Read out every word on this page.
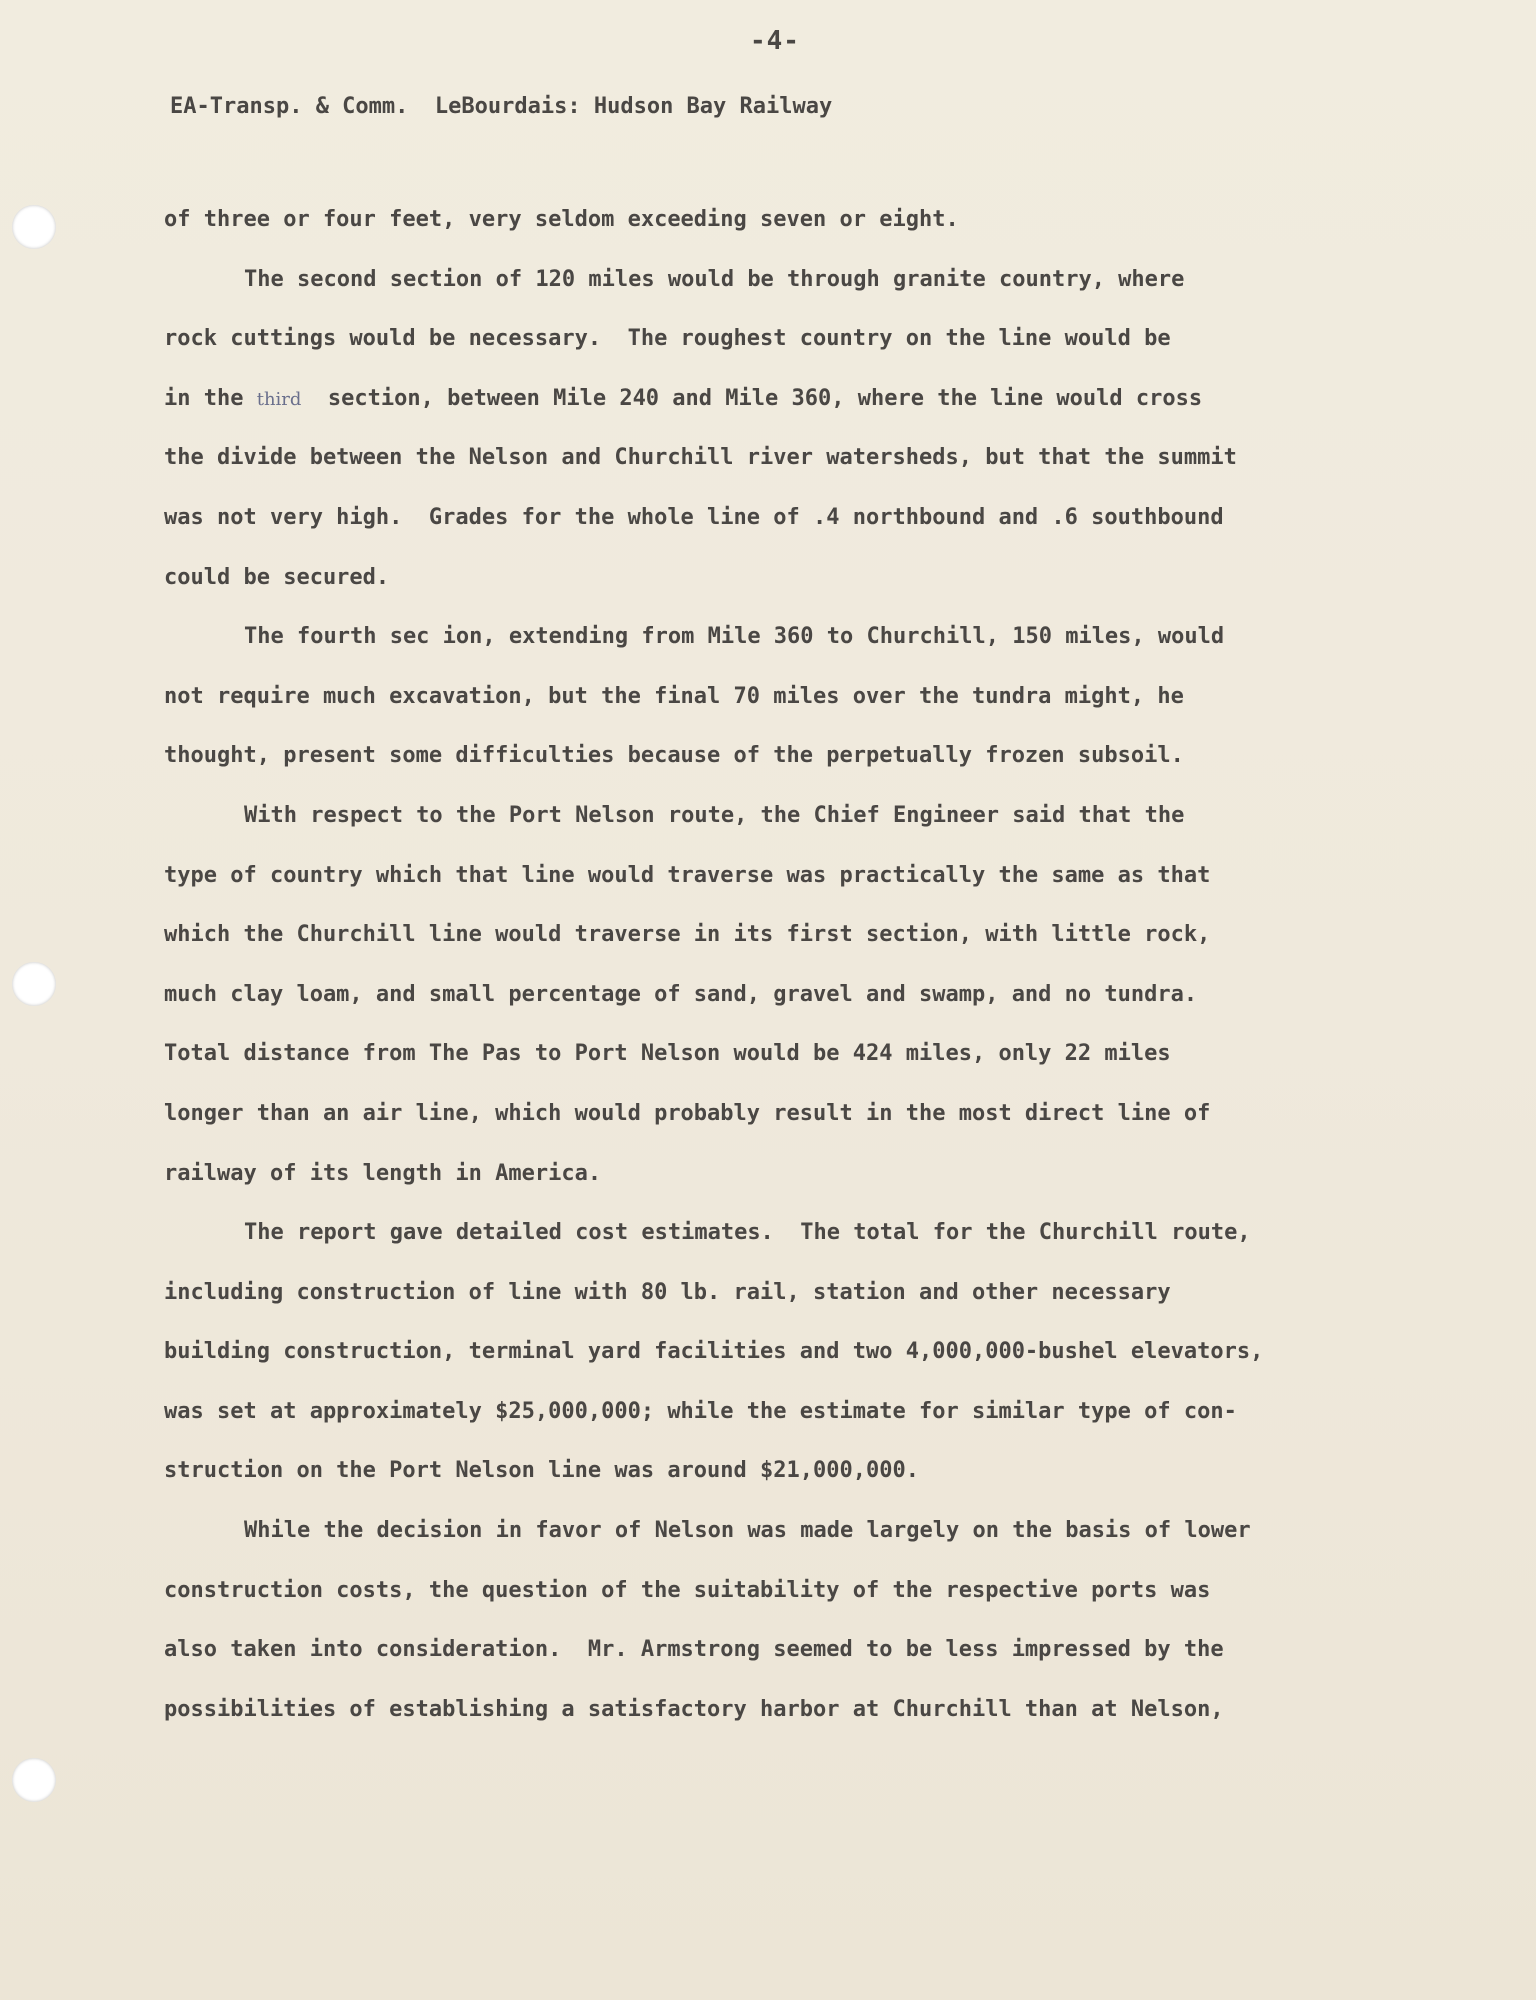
-4-
EA-Transp. & Comm.  LeBourdais: Hudson Bay Railway
of three or four feet, very seldom exceeding seven or eight.
The second section of 120 miles would be through granite country, where
rock cuttings would be necessary.  The roughest country on the line would be
in the third  section, between Mile 240 and Mile 360, where the line would cross
the divide between the Nelson and Churchill river watersheds, but that the summit
was not very high.  Grades for the whole line of .4 northbound and .6 southbound
could be secured.
The fourth sec ion, extending from Mile 360 to Churchill, 150 miles, would
not require much excavation, but the final 70 miles over the tundra might, he
thought, present some difficulties because of the perpetually frozen subsoil.
With respect to the Port Nelson route, the Chief Engineer said that the
type of country which that line would traverse was practically the same as that
which the Churchill line would traverse in its first section, with little rock,
much clay loam, and small percentage of sand, gravel and swamp, and no tundra.
Total distance from The Pas to Port Nelson would be 424 miles, only 22 miles
longer than an air line, which would probably result in the most direct line of
railway of its length in America.
The report gave detailed cost estimates.  The total for the Churchill route,
including construction of line with 80 lb. rail, station and other necessary
building construction, terminal yard facilities and two 4,000,000-bushel elevators,
was set at approximately $25,000,000; while the estimate for similar type of con-
struction on the Port Nelson line was around $21,000,000.
While the decision in favor of Nelson was made largely on the basis of lower
construction costs, the question of the suitability of the respective ports was
also taken into consideration.  Mr. Armstrong seemed to be less impressed by the
possibilities of establishing a satisfactory harbor at Churchill than at Nelson,
